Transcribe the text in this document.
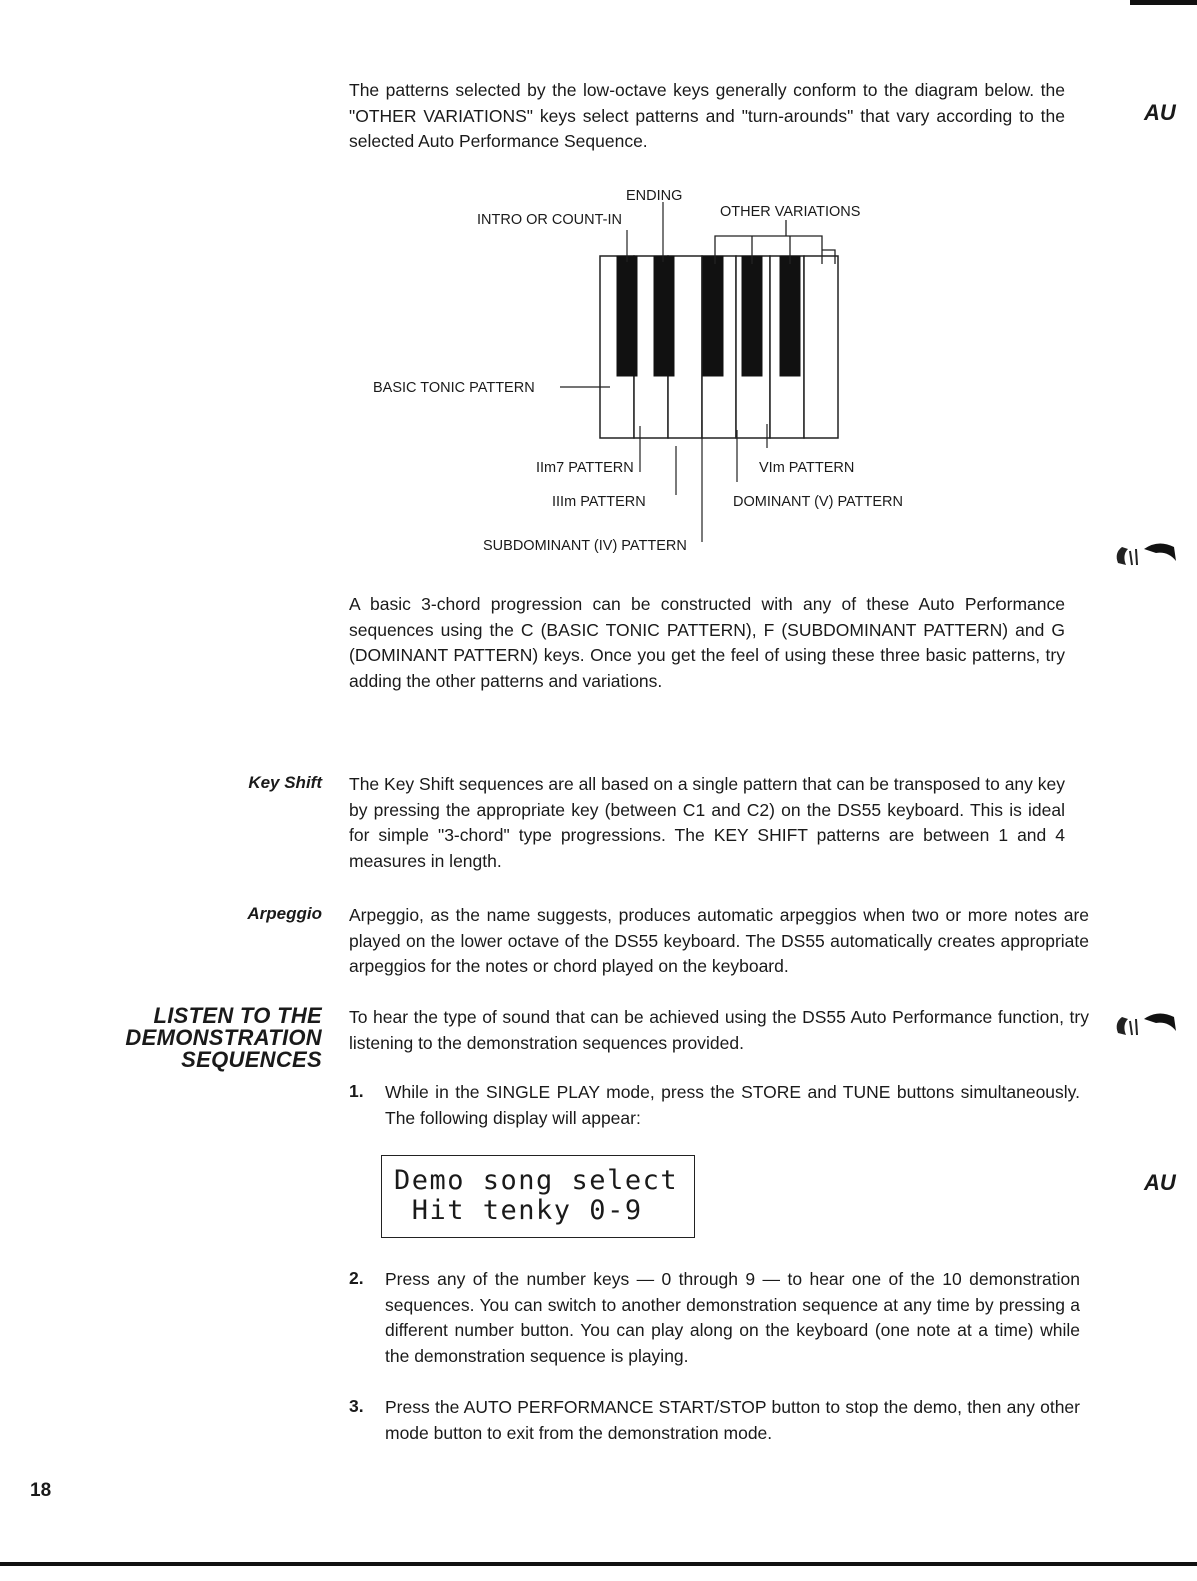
The patterns selected by the low-octave keys generally conform to the diagram below. the "OTHER VARIATIONS" keys select patterns and "turn-arounds" that vary according to the selected Auto Performance Sequence.

AU
ENDING
INTRO OR COUNT-IN	OTHER VARIATIONS
BASIC TONIC PATTERN
IIm7 PATTERN
IIIm PATTERN
SUBDOMINANT (IV) PATTERN
VIm PATTERN
DOMINANT (V) PATTERN

A basic 3-chord progression can be constructed with any of these Auto Performance sequences using the C (BASIC TONIC PATTERN), F (SUBDOMINANT PATTERN) and G (DOMINANT PATTERN) keys. Once you get the feel of using these three basic patterns, try adding the other patterns and variations.

Key Shift The Key Shift sequences are all based on a single pattern that can be transposed to any key by pressing the appropriate key (between C1 and C2) on the DS55 keyboard. This is ideal for simple "3-chord" type progressions. The KEY SHIFT patterns are between 1 and 4 measures in length.

Arpeggio Arpeggio, as the name suggests, produces automatic arpeggios when two or more notes are played on the lower octave of the DS55 keyboard. The DS55 automatically creates appropriate arpeggios for the notes or chord played on the keyboard.

LISTEN TO THE
DEMONSTRATION
SEQUENCES

To hear the type of sound that can be achieved using the DS55 Auto Performance function, try listening to the demonstration sequences provided.

1. While in the SINGLE PLAY mode, press the STORE and TUNE buttons simultaneously. The following display will appear:

Demo song select
Hit tenky 0-9
AU
2. Press any of the number keys — 0 through 9 — to hear one of the 10 demonstration sequences. You can switch to another demonstration sequence at any time by pressing a different number button. You can play along on the keyboard (one note at a time) while the demonstration sequence is playing.

3. Press the AUTO PERFORMANCE START/STOP button to stop the demo, then any other mode button to exit from the demonstration mode.

18
